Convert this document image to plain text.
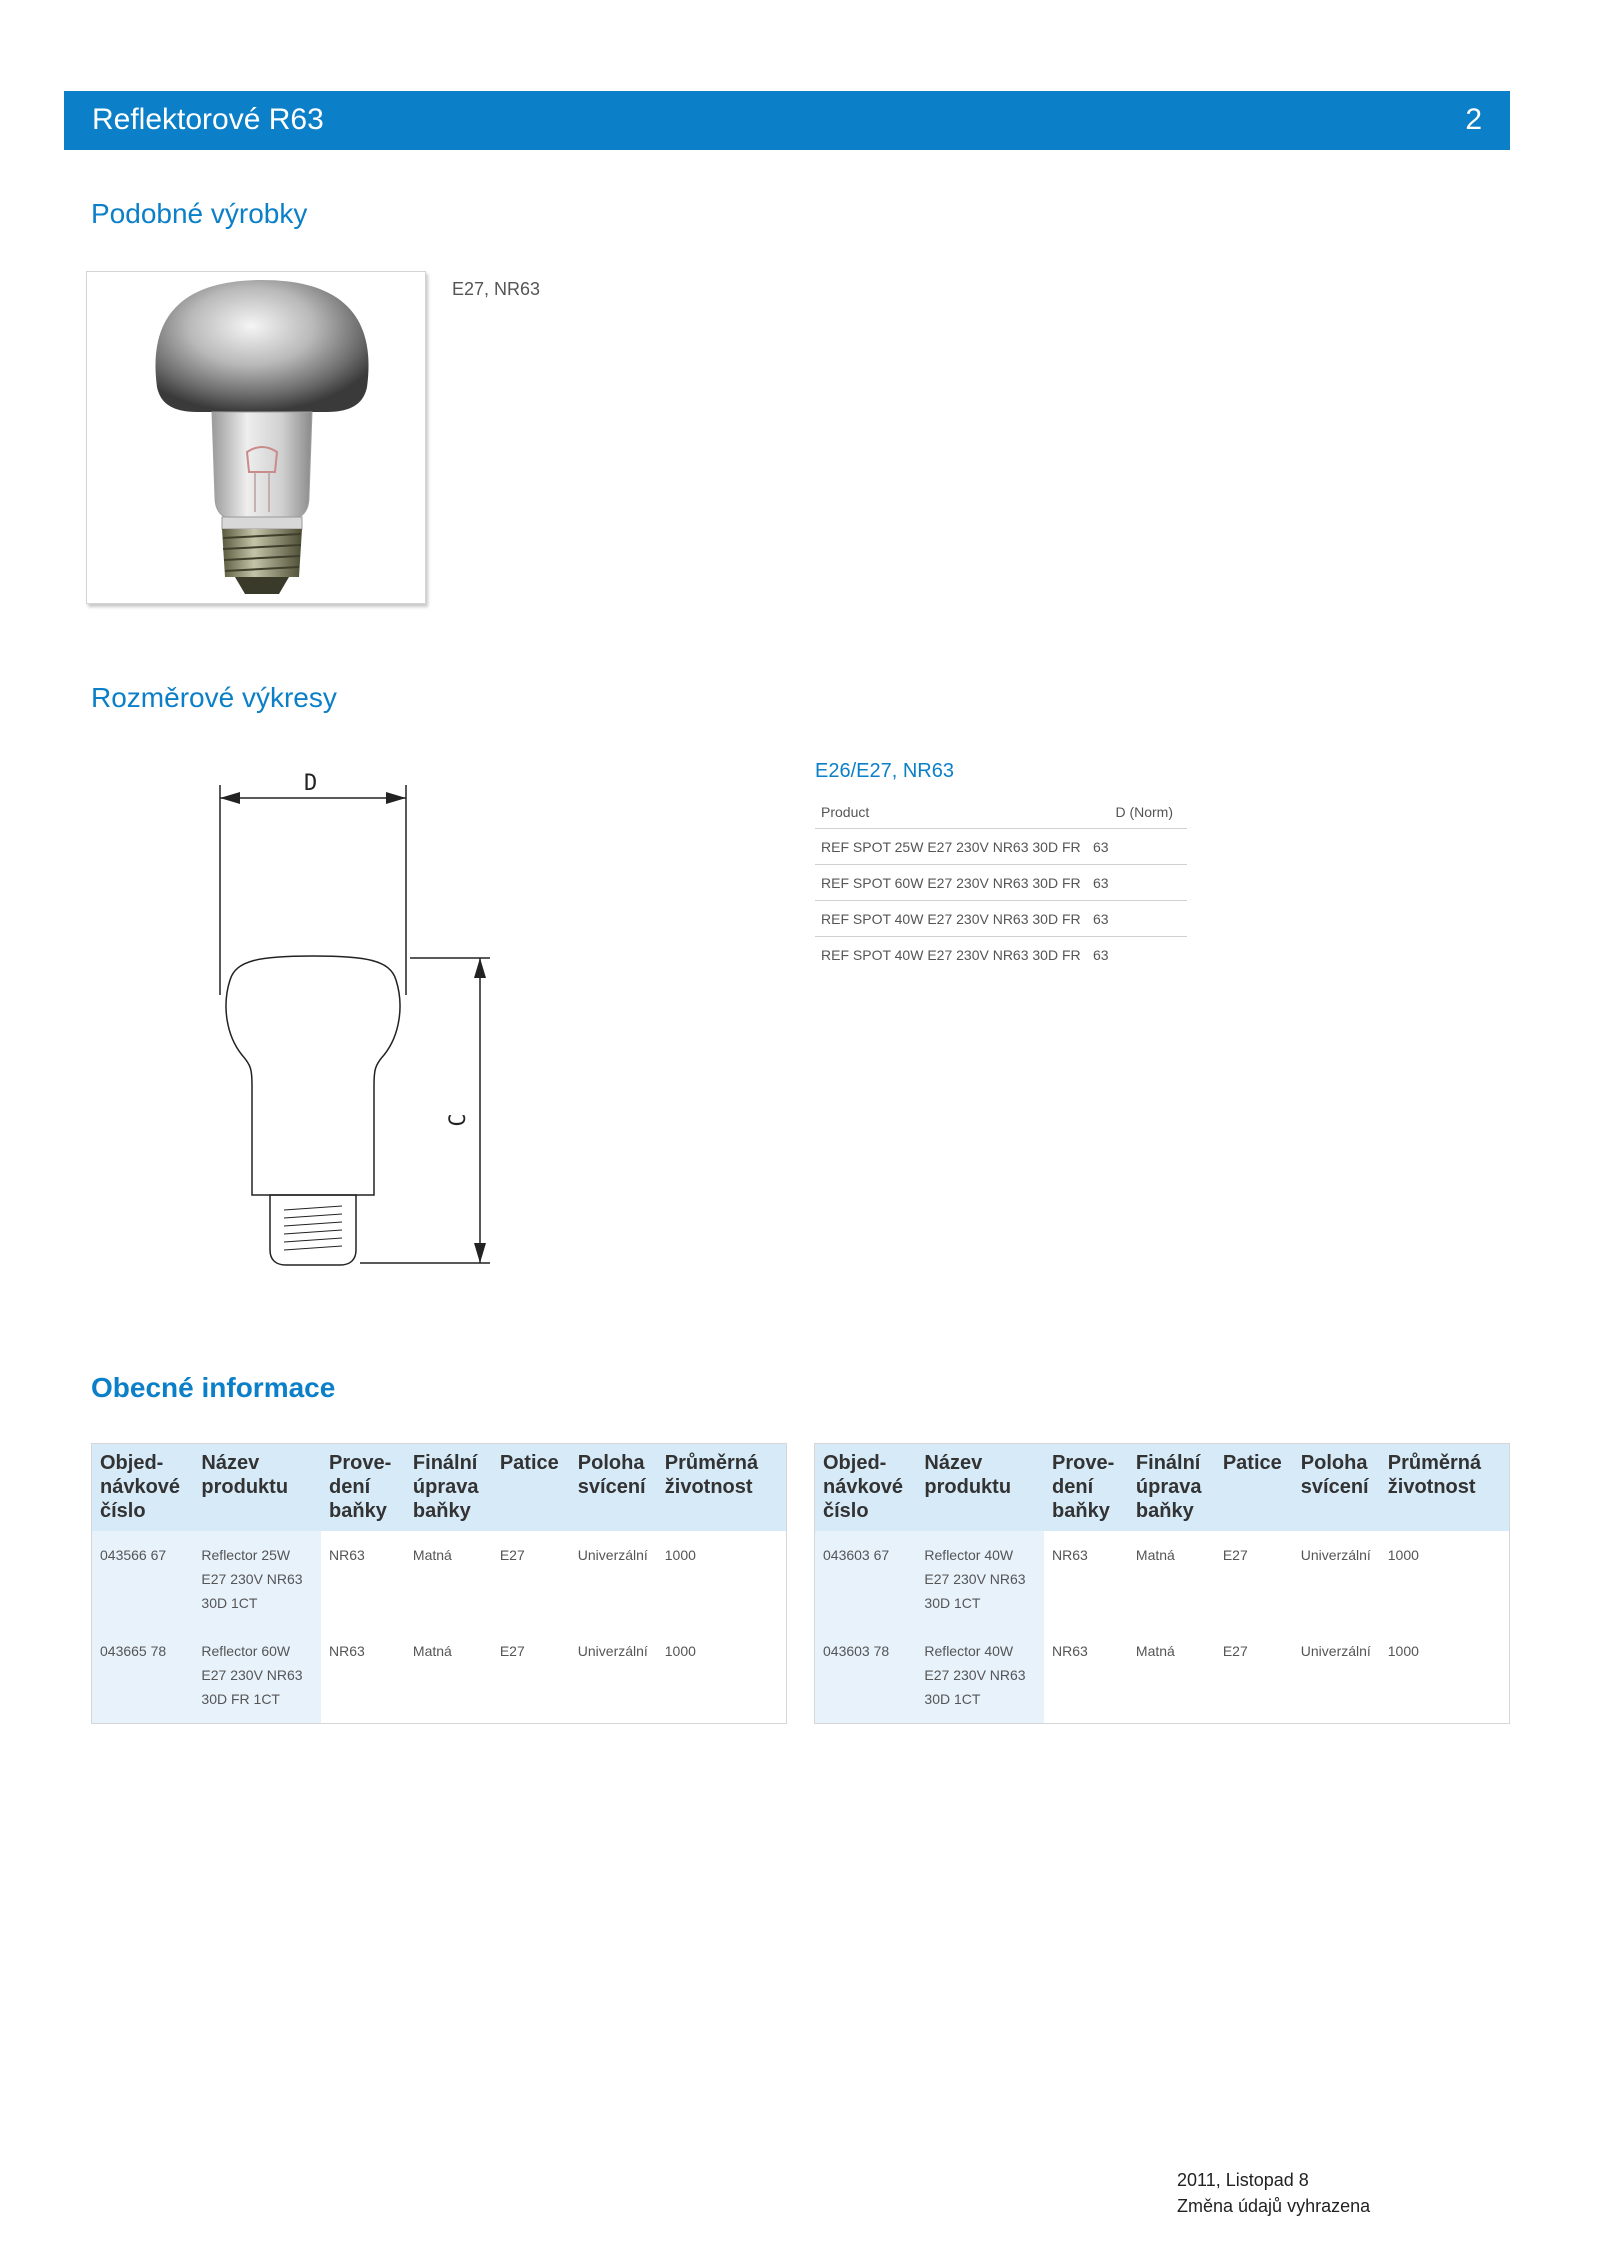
Reflektorové R63	2
Podobné výrobky
E27, NR63
Rozměrové výkresy
D
C
E26/E27, NR63
Product	D (Norm)
REF SPOT 25W E27 230V NR63 30D FR 63
REF SPOT 60W E27 230V NR63 30D FR 63
REF SPOT 40W E27 230V NR63 30D FR 63
REF SPOT 40W E27 230V NR63 30D FR 63
Obecné informace
Objed- návkové číslo	Název produktu	Prove- dení baňky	Finální úprava baňky	Patice	Poloha svícení	Průměrná životnost
043566 67	Reflector 25W
E27 230V NR63
30D 1CT	NR63	Matná	E27	Univerzální	1000
043665 78	Reflector 60W
E27 230V NR63
30D FR 1CT	NR63	Matná	E27	Univerzální	1000
Objed- návkové číslo	Název produktu	Prove- dení baňky	Finální úprava baňky	Patice	Poloha svícení	Průměrná životnost
043603 67	Reflector 40W
E27 230V NR63
30D 1CT	NR63	Matná	E27	Univerzální	1000
043603 78	Reflector 40W
E27 230V NR63
30D 1CT	NR63	Matná	E27	Univerzální	1000
2011, Listopad 8
Změna údajů vyhrazena
